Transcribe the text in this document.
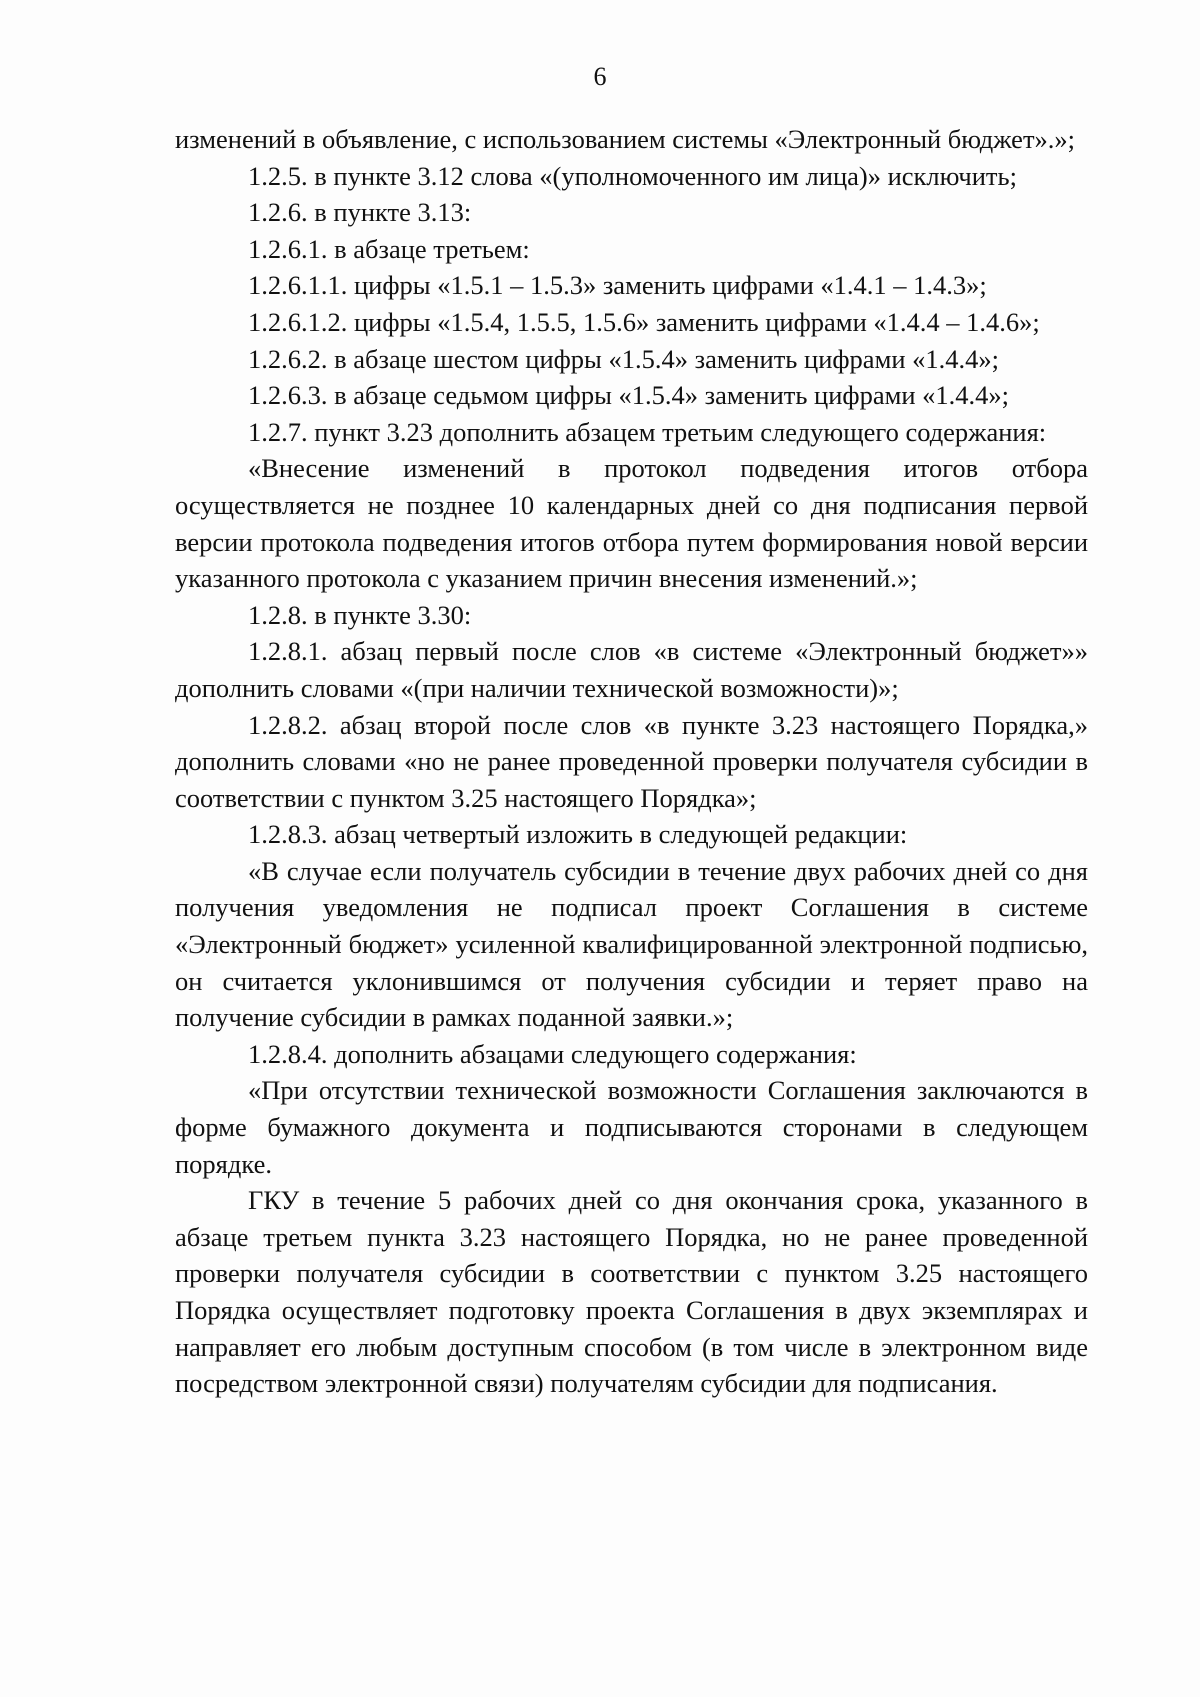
6

изменений в объявление, с использованием системы «Электронный бюджет».»;

1.2.5. в пункте 3.12 слова «(уполномоченного им лица)» исключить;

1.2.6. в пункте 3.13:

1.2.6.1. в абзаце третьем:

1.2.6.1.1. цифры «1.5.1 – 1.5.3» заменить цифрами «1.4.1 – 1.4.3»;

1.2.6.1.2. цифры «1.5.4, 1.5.5, 1.5.6» заменить цифрами «1.4.4 – 1.4.6»;

1.2.6.2. в абзаце шестом цифры «1.5.4» заменить цифрами «1.4.4»;

1.2.6.3. в абзаце седьмом цифры «1.5.4» заменить цифрами «1.4.4»;

1.2.7. пункт 3.23 дополнить абзацем третьим следующего содержания:

«Внесение изменений в протокол подведения итогов отбора осуществляется не позднее 10 календарных дней со дня подписания первой версии протокола подведения итогов отбора путем формирования новой версии указанного протокола с указанием причин внесения изменений.»;

1.2.8. в пункте 3.30:

1.2.8.1. абзац первый после слов «в системе «Электронный бюджет»» дополнить словами «(при наличии технической возможности)»;

1.2.8.2. абзац второй после слов «в пункте 3.23 настоящего Порядка,» дополнить словами «но не ранее проведенной проверки получателя субсидии в соответствии с пунктом 3.25 настоящего Порядка»;

1.2.8.3. абзац четвертый изложить в следующей редакции:

«В случае если получатель субсидии в течение двух рабочих дней со дня получения уведомления не подписал проект Соглашения в системе «Электронный бюджет» усиленной квалифицированной электронной подписью, он считается уклонившимся от получения субсидии и теряет право на получение субсидии в рамках поданной заявки.»;

1.2.8.4. дополнить абзацами следующего содержания:

«При отсутствии технической возможности Соглашения заключаются в форме бумажного документа и подписываются сторонами в следующем порядке.

ГКУ в течение 5 рабочих дней со дня окончания срока, указанного в абзаце третьем пункта 3.23 настоящего Порядка, но не ранее проведенной проверки получателя субсидии в соответствии с пунктом 3.25 настоящего Порядка осуществляет подготовку проекта Соглашения в двух экземплярах и направляет его любым доступным способом (в том числе в электронном виде посредством электронной связи) получателям субсидии для подписания.
